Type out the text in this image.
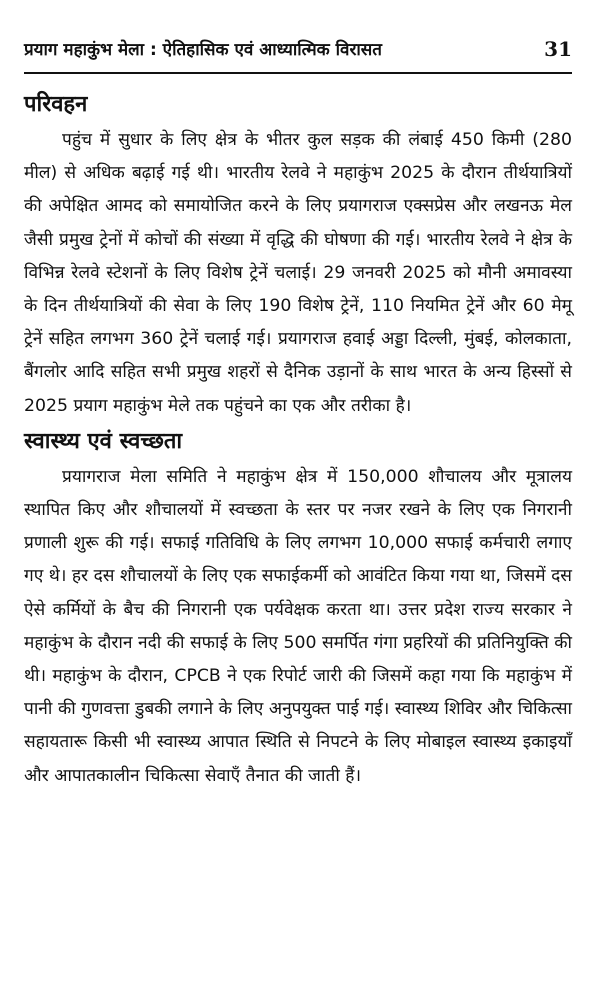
प्रयाग महाकुंभ मेला : ऐतिहासिक एवं आध्यात्मिक विरासत	31
परिवहन

पहुंच में सुधार के लिए क्षेत्र के भीतर कुल सड़क की लंबाई 450 किमी (280 मील) से अधिक बढ़ाई गई थी। भारतीय रेलवे ने महाकुंभ 2025 के दौरान तीर्थयात्रियों की अपेक्षित आमद को समायोजित करने के लिए प्रयागराज एक्सप्रेस और लखनऊ मेल जैसी प्रमुख ट्रेनों में कोचों की संख्या में वृद्धि की घोषणा की गई। भारतीय रेलवे ने क्षेत्र के विभिन्न रेलवे स्टेशनों के लिए विशेष ट्रेनें चलाई। 29 जनवरी 2025 को मौनी अमावस्या के दिन तीर्थयात्रियों की सेवा के लिए 190 विशेष ट्रेनें, 110 नियमित ट्रेनें और 60 मेमू ट्रेनें सहित लगभग 360 ट्रेनें चलाई गई। प्रयागराज हवाई अड्डा दिल्ली, मुंबई, कोलकाता, बैंगलोर आदि सहित सभी प्रमुख शहरों से दैनिक उड़ानों के साथ भारत के अन्य हिस्सों से 2025 प्रयाग महाकुंभ मेले तक पहुंचने का एक और तरीका है।

स्वास्थ्य एवं स्वच्छता

प्रयागराज मेला समिति ने महाकुंभ क्षेत्र में 150,000 शौचालय और मूत्रालय स्थापित किए और शौचालयों में स्वच्छता के स्तर पर नजर रखने के लिए एक निगरानी प्रणाली शुरू की गई। सफाई गतिविधि के लिए लगभग 10,000 सफाई कर्मचारी लगाए गए थे। हर दस शौचालयों के लिए एक सफाईकर्मी को आवंटित किया गया था, जिसमें दस ऐसे कर्मियों के बैच की निगरानी एक पर्यवेक्षक करता था। उत्तर प्रदेश राज्य सरकार ने महाकुंभ के दौरान नदी की सफाई के लिए 500 समर्पित गंगा प्रहरियों की प्रतिनियुक्ति की थी। महाकुंभ के दौरान, CPCB ने एक रिपोर्ट जारी की जिसमें कहा गया कि महाकुंभ में पानी की गुणवत्ता डुबकी लगाने के लिए अनुपयुक्त पाई गई। स्वास्थ्य शिविर और चिकित्सा सहायतारू किसी भी स्वास्थ्य आपात स्थिति से निपटने के लिए मोबाइल स्वास्थ्य इकाइयाँ और आपातकालीन चिकित्सा सेवाएँ तैनात की जाती हैं।
